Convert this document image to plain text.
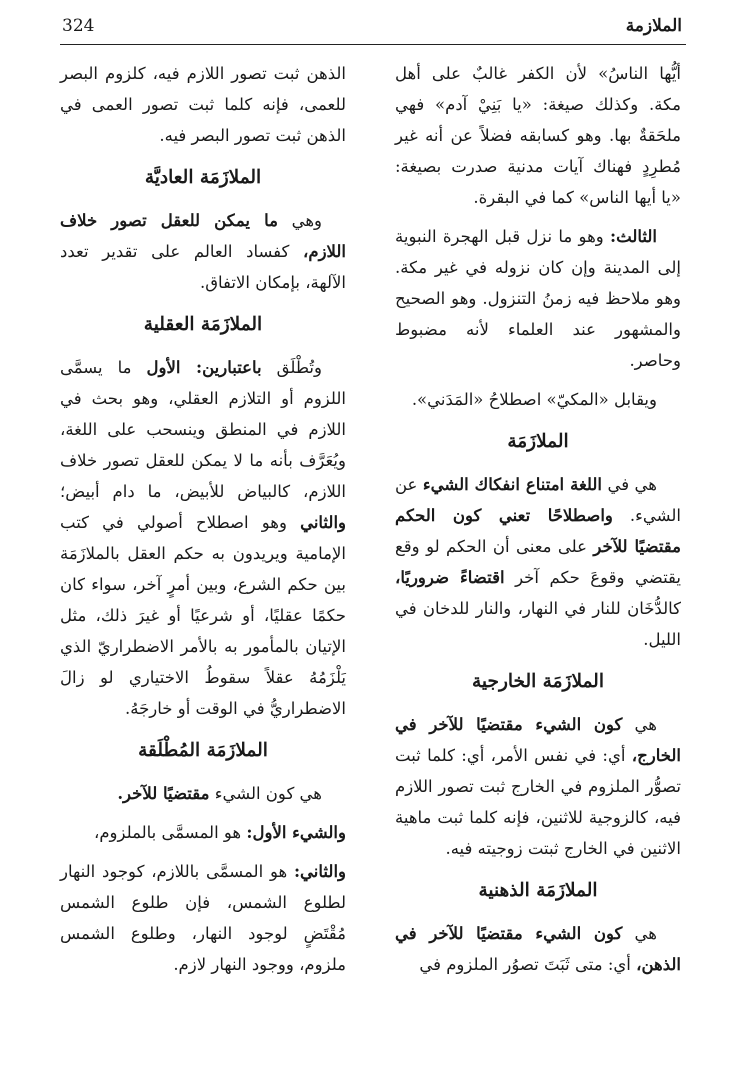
324	الملازمة

أيُّها الناسُ» لأن الكفر غالبٌ على أهل مكة. وكذلك صيغة: «يا بَنِيْ آدم» فهي ملحَقةٌ بها. وهو كسابقه فضلاً عن أنه غير مُطرِدٍ فهناك آيات مدنية صدرت بصيغة: «يا أيها الناس» كما في البقرة.

الثالث: وهو ما نزل قبل الهجرة النبوية إلى المدينة وإن كان نزوله في غير مكة. وهو ملاحظ فيه زمنُ التنزول. وهو الصحيح والمشهور عند العلماء لأنه مضبوط وحاصر.

ويقابل «المكيّ» اصطلاحُ «المَدَني».

الملازَمَة

هي في اللغة امتناع انفكاك الشيء عن الشيء. واصطلاحًا تعني كون الحكم مقتضيًا للآخر على معنى أن الحكم لو وقع يقتضي وقوعَ حكم آخر اقتضاءً ضروريًا، كالدُّخَان للنار في النهار، والنار للدخان في الليل.

الملازَمَة الخارجية

هي كون الشيء مقتضيًا للآخر في الخارج، أي: في نفس الأمر، أي: كلما ثبت تصوُّر الملزوم في الخارج ثبت تصور اللازم فيه، كالزوجية للاثنين، فإنه كلما ثبت ماهية الاثنين في الخارج ثبتت زوجيته فيه.

الملازَمَة الذهنية

هي كون الشيء مقتضيًا للآخر في الذهن، أي: متى ثَبَتَ تصوُر الملزوم في

الذهن ثبت تصور اللازم فيه، كلزوم البصر للعمى، فإنه كلما ثبت تصور العمى في الذهن ثبت تصور البصر فيه.

الملازَمَة العاديَّة

وهي ما يمكن للعقل تصور خلاف اللازم، كفساد العالم على تقدير تعدد الآلهة، بإمكان الاتفاق.

الملازَمَة العقلية

وتُطْلَق باعتبارين: الأول ما يسمَّى اللزوم أو التلازم العقلي، وهو بحث في اللازم في المنطق وينسحب على اللغة، ويُعَرَّف بأنه ما لا يمكن للعقل تصور خلاف اللازم، كالبياض للأبيض، ما دام أبيض؛ والثاني وهو اصطلاح أصولي في كتب الإمامية ويريدون به حكم العقل بالملازَمَة بين حكم الشرع، وبين أمرٍ آخر، سواء كان حكمًا عقليًا، أو شرعيًا أو غيرَ ذلك، مثل الإتيان بالمأمور به بالأمر الاضطراريّ الذي يَلْزَمُهُ عقلاً سقوطُ الاختياري لو زالَ الاضطراريُّ في الوقت أو خارجَهُ.

الملازَمَة المُطْلَقة

هي كون الشيء مقتضيًا للآخر.

والشيء الأول: هو المسمَّى بالملزوم،

والثاني: هو المسمَّى باللازم، كوجود النهار لطلوع الشمس، فإن طلوع الشمس مُقْتَضٍ لوجود النهار، وطلوع الشمس ملزوم، ووجود النهار لازم.
